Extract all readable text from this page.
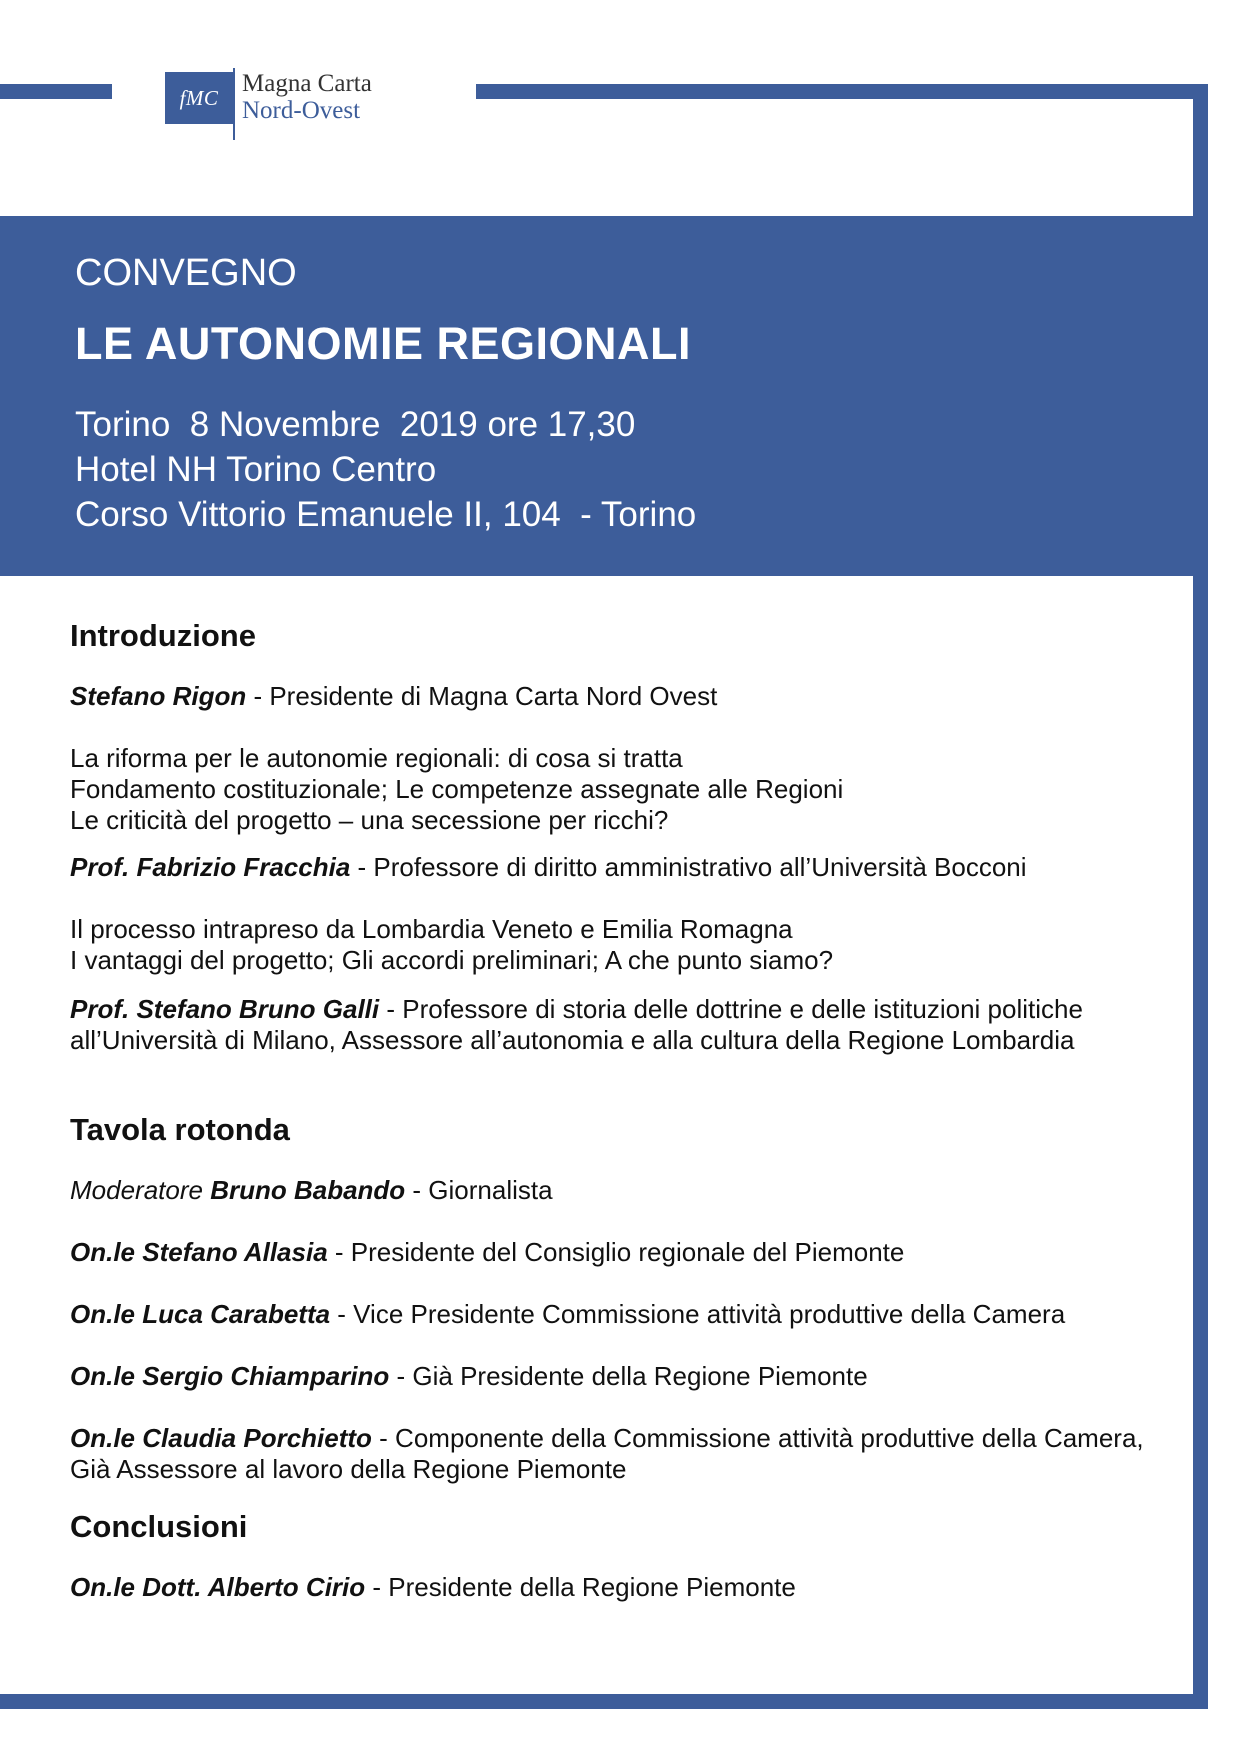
fMC
Magna Carta
Nord-Ovest
CONVEGNO
LE AUTONOMIE REGIONALI
Torino  8 Novembre  2019 ore 17,30
Hotel NH Torino Centro
Corso Vittorio Emanuele II, 104  - Torino
Introduzione

Stefano Rigon - Presidente di Magna Carta Nord Ovest

La riforma per le autonomie regionali: di cosa si tratta
Fondamento costituzionale; Le competenze assegnate alle Regioni
Le criticità del progetto – una secessione per ricchi?

Prof. Fabrizio Fracchia - Professore di diritto amministrativo all’Università Bocconi

Il processo intrapreso da Lombardia Veneto e Emilia Romagna
I vantaggi del progetto; Gli accordi preliminari; A che punto siamo?

Prof. Stefano Bruno Galli - Professore di storia delle dottrine e delle istituzioni politiche all’Università di Milano, Assessore all’autonomia e alla cultura della Regione Lombardia

Tavola rotonda

Moderatore Bruno Babando - Giornalista

On.le Stefano Allasia - Presidente del Consiglio regionale del Piemonte

On.le Luca Carabetta - Vice Presidente Commissione attività produttive della Camera

On.le Sergio Chiamparino - Già Presidente della Regione Piemonte

On.le Claudia Porchietto - Componente della Commissione attività produttive della Camera, Già Assessore al lavoro della Regione Piemonte

Conclusioni

On.le Dott. Alberto Cirio - Presidente della Regione Piemonte
